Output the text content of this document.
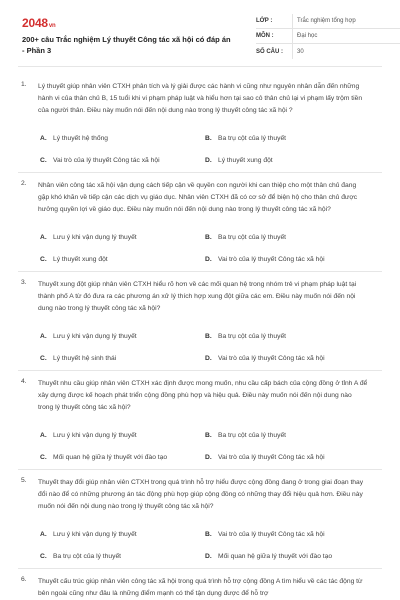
2048vn
200+ câu Trắc nghiệm Lý thuyết Công tác xã hội có đáp án - Phần 3
LỚP :	Trắc nghiệm tổng hợp
MÔN :	Đại học
SỐ CÂU :	30
1. Lý thuyết giúp nhân viên CTXH phân tích và lý giải được các hành vi cũng như nguyên nhân dẫn đến những hành vi của thân chủ B, 15 tuổi khi vi phạm pháp luật và hiểu hơn tại sao cô thân chủ lại vi phạm lấy trộm tiền của người thân. Điều này muốn nói đến nội dung nào trong lý thuyết công tác xã hội ?
A. Lý thuyết hệ thống	B. Ba trụ cột của lý thuyết
C. Vai trò của lý thuyết Công tác xã hội	D. Lý thuyết xung đột
2. Nhân viên công tác xã hội vận dụng cách tiếp cận về quyền con người khi can thiệp cho một thân chủ đang gặp khó khăn về tiếp cận các dịch vụ giáo dục. Nhân viên CTXH đã có cơ sở để biện hộ cho thân chủ được hưởng quyền lợi về giáo dục. Điều này muốn nói đến nội dung nào trong lý thuyết công tác xã hội?
A. Lưu ý khi vận dụng lý thuyết	B. Ba trụ cột của lý thuyết
C. Lý thuyết xung đột	D. Vai trò của lý thuyết Công tác xã hội
3. Thuyết xung đột giúp nhân viên CTXH hiểu rõ hơn về các mối quan hệ trong nhóm trẻ vi phạm pháp luật tại thành phố A từ đó đưa ra các phương án xử lý thích hợp xung đột giữa các em. Điều này muốn nói đến nội dung nào trong lý thuyết công tác xã hội?
A. Lưu ý khi vận dụng lý thuyết	B. Ba trụ cột của lý thuyết
C. Lý thuyết hệ sinh thái	D. Vai trò của lý thuyết Công tác xã hội
4. Thuyết nhu cầu giúp nhân viên CTXH xác định được mong muốn, nhu cầu cấp bách của cộng đồng ở tỉnh A để xây dựng được kế hoạch phát triển cộng đồng phù hợp và hiệu quả. Điều này muốn nói đến nội dung nào trong lý thuyết công tác xã hội?
A. Lưu ý khi vận dụng lý thuyết	B. Ba trụ cột của lý thuyết
C. Mối quan hệ giữa lý thuyết với đào tạo	D. Vai trò của lý thuyết Công tác xã hội
5. Thuyết thay đổi giúp nhân viên CTXH trong quá trình hỗ trợ hiểu được cộng đồng đang ở trong giai đoạn thay đổi nào để có những phương án tác động phù hợp giúp cộng đồng có những thay đổi hiệu quả hơn. Điều này muốn nói đến nội dung nào trong lý thuyết công tác xã hội?
A. Lưu ý khi vận dụng lý thuyết	B. Vai trò của lý thuyết Công tác xã hội
C. Ba trụ cột của lý thuyết	D. Mối quan hệ giữa lý thuyết với đào tạo
6. Thuyết cấu trúc giúp nhân viên công tác xã hội trong quá trình hỗ trợ cộng đồng A tìm hiểu về các tác động từ bên ngoài cũng như đâu là những điểm mạnh có thể tận dụng được để hỗ trợ
